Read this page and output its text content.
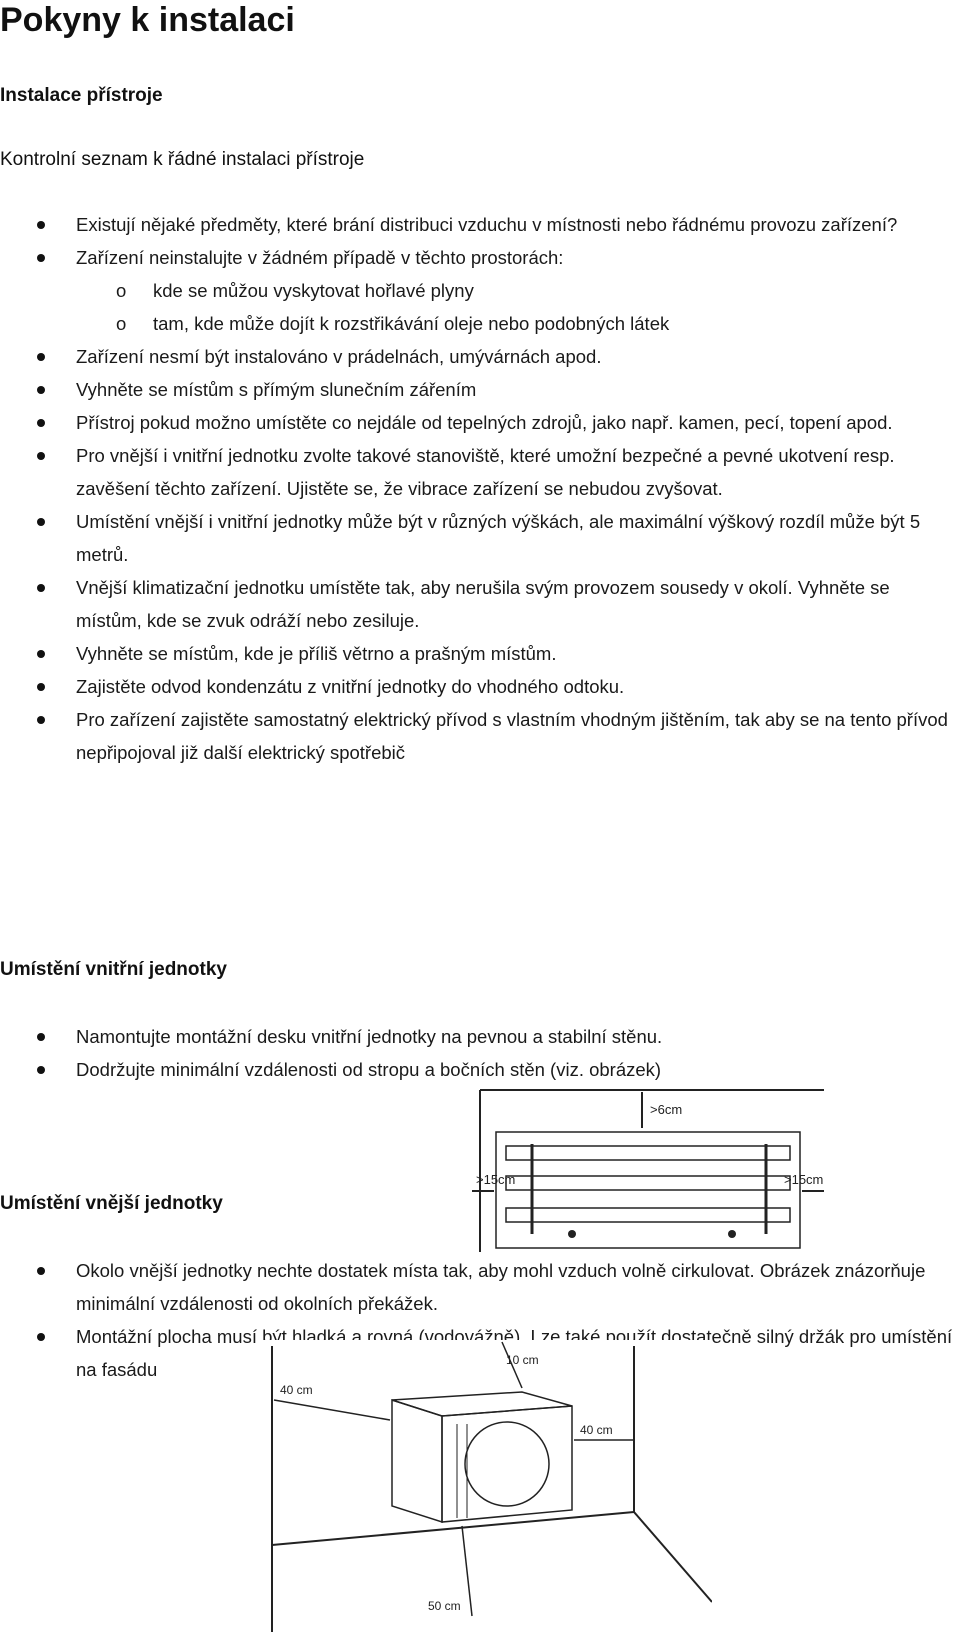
Pokyny k instalaci
Instalace přístroje
Kontrolní seznam k řádné instalaci přístroje
Existují nějaké předměty, které brání distribuci vzduchu v místnosti nebo řádnému provozu zařízení?
Zařízení neinstalujte v žádném případě v těchto prostorách:
o kde se můžou vyskytovat hořlavé plyny
o tam, kde může dojít k rozstřikávání oleje nebo podobných látek
Zařízení nesmí být instalováno v prádelnách, umývárnách apod.
Vyhněte se místům s přímým slunečním zářením
Přístroj pokud možno umístěte co nejdále od tepelných zdrojů, jako např. kamen, pecí, topení apod.
Pro vnější i vnitřní jednotku zvolte takové stanoviště, které umožní bezpečné a pevné ukotvení resp. zavěšení těchto zařízení. Ujistěte se, že vibrace zařízení se nebudou zvyšovat.
Umístění vnější i vnitřní jednotky může být v různých výškách, ale maximální výškový rozdíl může být 5 metrů.
Vnější klimatizační jednotku umístěte tak, aby nerušila svým provozem sousedy v okolí. Vyhněte se místům, kde se zvuk odráží nebo zesiluje.
Vyhněte se místům, kde je příliš větrno a prašným místům.
Zajistěte odvod kondenzátu z vnitřní jednotky do vhodného odtoku.
Pro zařízení zajistěte samostatný elektrický přívod s vlastním vhodným jištěním, tak aby se na tento přívod nepřipojoval již další elektrický spotřebič
Umístění vnitřní jednotky
Namontujte montážní desku vnitřní jednotky na pevnou a stabilní stěnu.
Dodržujte minimální vzdálenosti od stropu a bočních stěn (viz. obrázek)
>6cm
>15cm	>15cm
Umístění vnější jednotky
Okolo vnější jednotky nechte dostatek místa tak, aby mohl vzduch volně cirkulovat. Obrázek znázorňuje minimální vzdálenosti od okolních překážek.
Montážní plocha musí být hladká a rovná (vodovážně). Lze také použít dostatečně silný držák pro umístění na fasádu	10 cm
40 cm
40 cm
50 cm
